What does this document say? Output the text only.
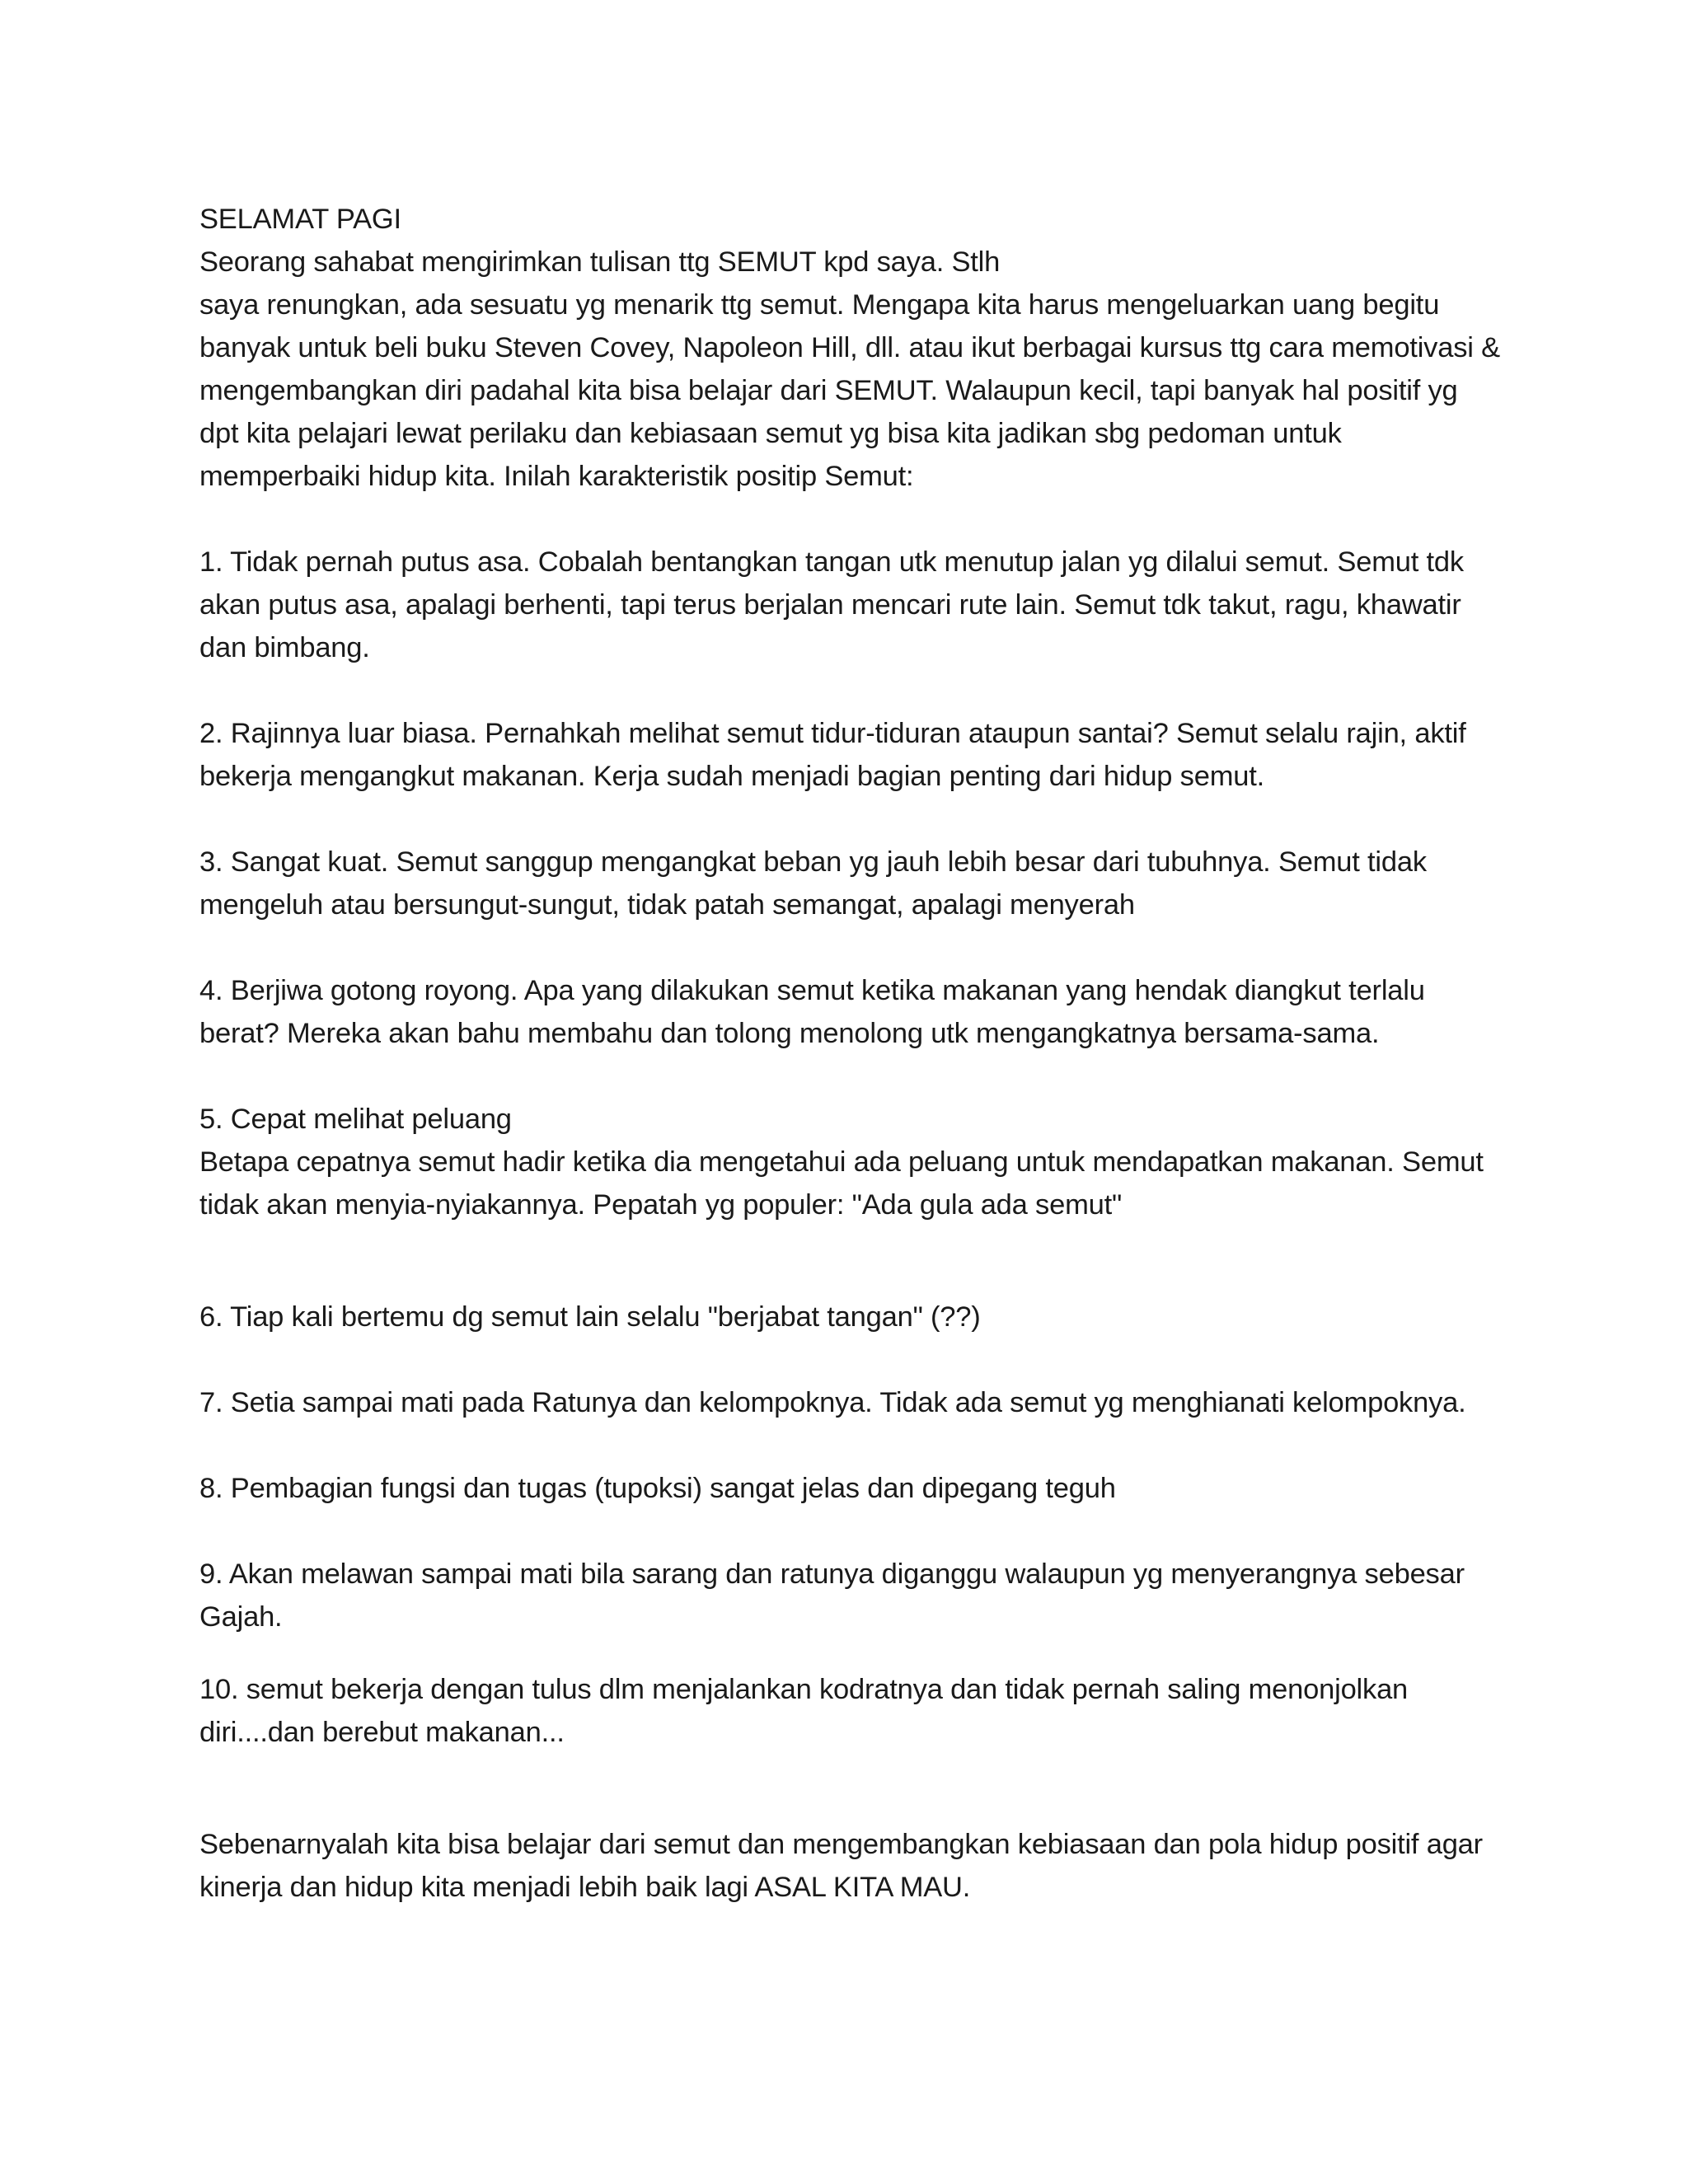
SELAMAT PAGI
Seorang sahabat mengirimkan tulisan ttg SEMUT kpd saya. Stlh
saya renungkan, ada sesuatu yg menarik ttg semut. Mengapa kita harus mengeluarkan uang begitu
banyak untuk beli buku Steven Covey, Napoleon Hill, dll. atau ikut berbagai kursus ttg cara memotivasi &
mengembangkan diri padahal kita bisa belajar dari SEMUT. Walaupun kecil, tapi banyak hal positif yg
dpt kita pelajari lewat perilaku dan kebiasaan semut yg bisa kita jadikan sbg pedoman untuk
memperbaiki hidup kita. Inilah karakteristik positip Semut:
1. Tidak pernah putus asa. Cobalah bentangkan tangan utk menutup jalan yg dilalui semut. Semut tdk
akan putus asa, apalagi berhenti, tapi terus berjalan mencari rute lain. Semut tdk takut, ragu, khawatir
dan bimbang.
2. Rajinnya luar biasa. Pernahkah melihat semut tidur-tiduran ataupun santai? Semut selalu rajin, aktif
bekerja mengangkut makanan. Kerja sudah menjadi bagian penting dari hidup semut.
3. Sangat kuat. Semut sanggup mengangkat beban yg jauh lebih besar dari tubuhnya. Semut tidak
mengeluh atau bersungut-sungut, tidak patah semangat, apalagi menyerah
4. Berjiwa gotong royong. Apa yang dilakukan semut ketika makanan yang hendak diangkut terlalu
berat? Mereka akan bahu membahu dan tolong menolong utk mengangkatnya bersama-sama.
5. Cepat melihat peluang
Betapa cepatnya semut hadir ketika dia mengetahui ada peluang untuk mendapatkan makanan. Semut
tidak akan menyia-nyiakannya. Pepatah yg populer: "Ada gula ada semut"
6. Tiap kali bertemu dg semut lain selalu "berjabat tangan" (??)
7. Setia sampai mati pada Ratunya dan kelompoknya. Tidak ada semut yg menghianati kelompoknya.
8. Pembagian fungsi dan tugas (tupoksi) sangat jelas dan dipegang teguh
9. Akan melawan sampai mati bila sarang dan ratunya diganggu walaupun yg menyerangnya sebesar
Gajah.
10. semut bekerja dengan tulus dlm menjalankan kodratnya dan tidak pernah saling menonjolkan
diri....dan berebut makanan...
Sebenarnyalah kita bisa belajar dari semut dan mengembangkan kebiasaan dan pola hidup positif agar
kinerja dan hidup kita menjadi lebih baik lagi ASAL KITA MAU.
